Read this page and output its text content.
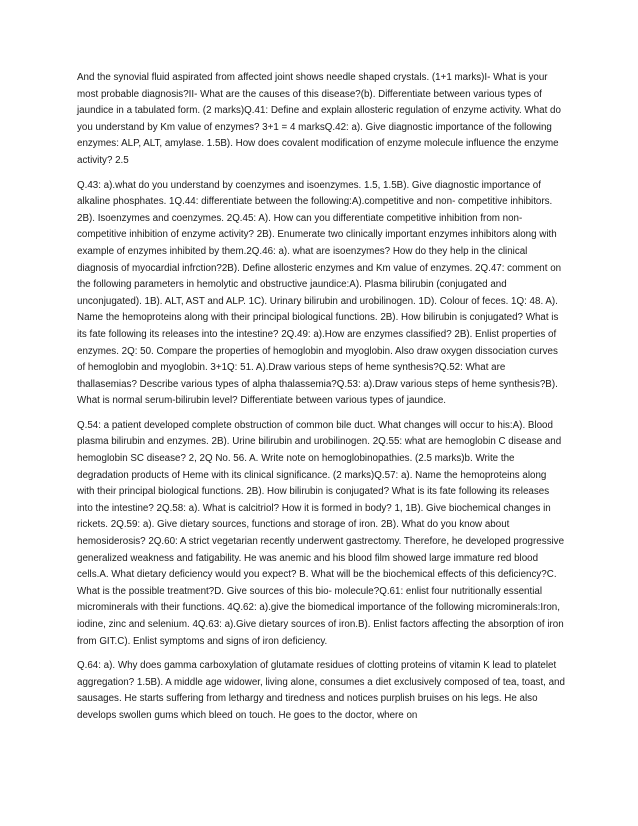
And the synovial fluid aspirated from affected joint shows needle shaped crystals. (1+1 marks)I- What is your most probable diagnosis?II- What are the causes of this disease?(b). Differentiate between various types of jaundice in a tabulated form. (2 marks)Q.41: Define and explain allosteric regulation of enzyme activity. What do you understand by Km value of enzymes? 3+1 = 4 marksQ.42: a). Give diagnostic importance of the following enzymes: ALP, ALT, amylase. 1.5B). How does covalent modification of enzyme molecule influence the enzyme activity? 2.5

Q.43: a).what do you understand by coenzymes and isoenzymes. 1.5, 1.5B). Give diagnostic importance of alkaline phosphates. 1Q.44: differentiate between the following:A).competitive and non- competitive inhibitors. 2B). Isoenzymes and coenzymes. 2Q.45: A). How can you differentiate competitive inhibition from non- competitive inhibition of enzyme activity? 2B). Enumerate two clinically important enzymes inhibitors along with example of enzymes inhibited by them.2Q.46: a). what are isoenzymes? How do they help in the clinical diagnosis of myocardial infrction?2B). Define allosteric enzymes and Km value of enzymes. 2Q.47: comment on the following parameters in hemolytic and obstructive jaundice:A). Plasma bilirubin (conjugated and unconjugated). 1B). ALT, AST and ALP. 1C). Urinary bilirubin and urobilinogen. 1D). Colour of feces. 1Q: 48. A). Name the hemoproteins along with their principal biological functions. 2B). How bilirubin is conjugated? What is its fate following its releases into the intestine? 2Q.49: a).How are enzymes classified? 2B). Enlist properties of enzymes. 2Q: 50. Compare the properties of hemoglobin and myoglobin. Also draw oxygen dissociation curves of hemoglobin and myoglobin. 3+1Q: 51. A).Draw various steps of heme synthesis?Q.52: What are thallasemias? Describe various types of alpha thalassemia?Q.53: a).Draw various steps of heme synthesis?B). What is normal serum-bilirubin level? Differentiate between various types of jaundice.

Q.54: a patient developed complete obstruction of common bile duct. What changes will occur to his:A). Blood plasma bilirubin and enzymes. 2B). Urine bilirubin and urobilinogen. 2Q.55: what are hemoglobin C disease and hemoglobin SC disease? 2, 2Q No. 56. A. Write note on hemoglobinopathies. (2.5 marks)b. Write the degradation products of Heme with its clinical significance. (2 marks)Q.57: a). Name the hemoproteins along with their principal biological functions. 2B). How bilirubin is conjugated? What is its fate following its releases into the intestine? 2Q.58: a). What is calcitriol? How it is formed in body? 1, 1B). Give biochemical changes in rickets. 2Q.59: a). Give dietary sources, functions and storage of iron. 2B). What do you know about hemosiderosis? 2Q.60: A strict vegetarian recently underwent gastrectomy. Therefore, he developed progressive generalized weakness and fatigability. He was anemic and his blood film showed large immature red blood cells.A. What dietary deficiency would you expect? B. What will be the biochemical effects of this deficiency?C. What is the possible treatment?D. Give sources of this bio- molecule?Q.61: enlist four nutritionally essential microminerals with their functions. 4Q.62: a).give the biomedical importance of the following microminerals:Iron, iodine, zinc and selenium. 4Q.63: a).Give dietary sources of iron.B). Enlist factors affecting the absorption of iron from GIT.C). Enlist symptoms and signs of iron deficiency.

Q.64: a). Why does gamma carboxylation of glutamate residues of clotting proteins of vitamin K lead to platelet aggregation? 1.5B). A middle age widower, living alone, consumes a diet exclusively composed of tea, toast, and sausages. He starts suffering from lethargy and tiredness and notices purplish bruises on his legs. He also develops swollen gums which bleed on touch. He goes to the doctor, where on
